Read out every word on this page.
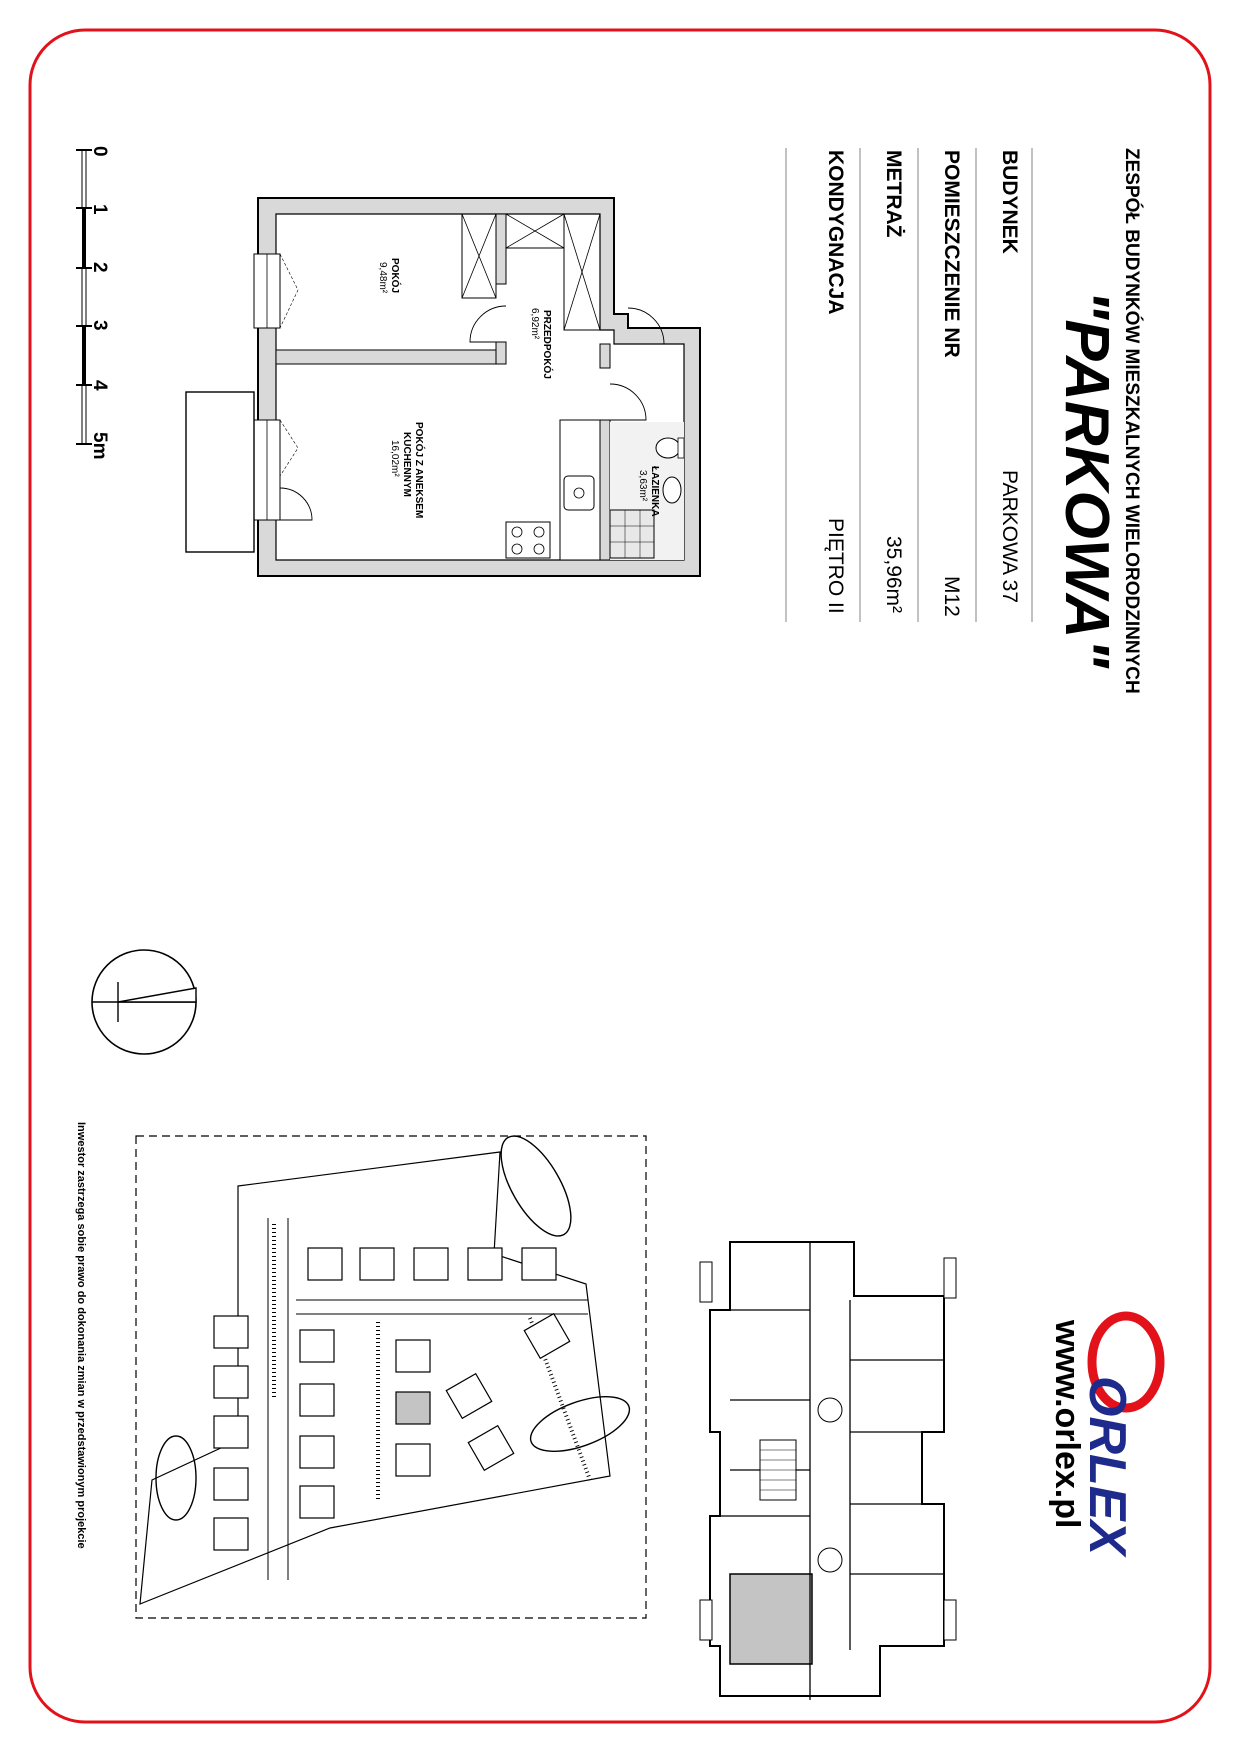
ZESPÓŁ BUDYNKÓW MIESZKALNYCH WIELORODZINNYCH
"PARKOWA"
BUDYNEK
PARKOWA 37
POMIESZCZENIE NR
M12
METRAŻ
35,96m²
KONDYGNACJA
PIĘTRO II
0
1
2
3
4
5m
POKÓJ
9,48m²
PRZEDPOKÓJ
6,92m²
ŁAZIENKA
3,63m²
POKÓJ Z ANEKSEM
KUCHENNYM
16,02m²
Inwestor zastrzega sobie prawo do dokonania zmian w przedstawionym projekcie	www.orlex.pl
ORLEX
